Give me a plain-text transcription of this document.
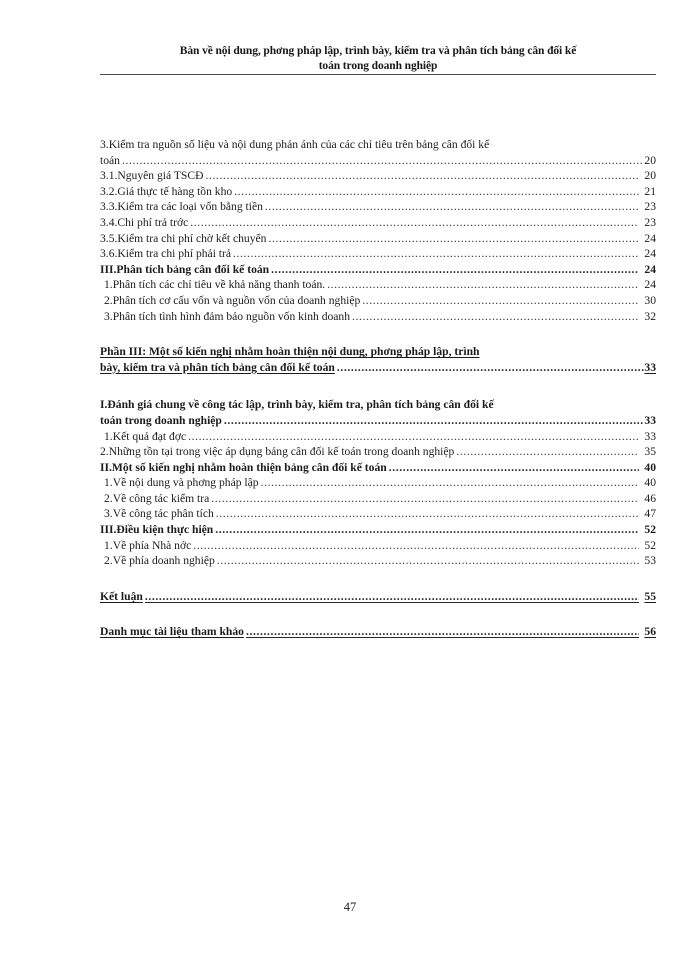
Bàn về nội dung, phơng pháp lập, trình bày, kiểm tra và phân tích bảng cân đối kế
toán trong doanh nghiệp
3.Kiểm tra nguồn số liệu và nội dung phản ánh của các chỉ tiêu trên bảng cân đối kế
toán .....	20
3.1.Nguyên giá TSCĐ .....	20
3.2.Giá thực tế hàng tồn kho .....	21
3.3.Kiểm tra các loại vốn bằng tiền .....	23
3.4.Chi phí trả trớc .....	23
3.5.Kiểm tra chi phí chờ kết chuyển .....	24
3.6.Kiểm tra chi phí phải trả .....	24
III.Phân tích bảng cân đối kế toán .....	24
1.Phân tích các chỉ tiêu về khả năng thanh toán. .....	24
2.Phân tích cơ cấu vốn và nguồn vốn của doanh nghiệp .....	30
3.Phân tích tình hình đảm bảo nguồn vốn kinh doanh .....	32
Phần III: Một số kiến nghị nhằm hoàn thiện nội dung, phơng pháp lập, trình
bày, kiểm tra và phân tích bảng cân đối kế toán .....	33
I.Đánh giá chung về công tác lập, trình bày, kiểm tra, phân tích bảng cân đối kế
toán trong doanh nghiệp .....	33
1.Kết quả đạt đợc .....	33
2.Những tồn tại trong việc áp dụng bảng cân đối kế toán trong doanh nghiệp .....	35
II.Một số kiến nghị nhằm hoàn thiện bảng cân đối kế toán .....	40
1.Về nội dung và phơng pháp lập .....	40
2.Về công tác kiểm tra .....	46
3.Về công tác phân tích .....	47
III.Điều kiện thực hiện .....	52
1.Về phía Nhà nớc .....	52
2.Về phía doanh nghiệp .....	53
Kết luận .....	55
Danh mục tài liệu tham khảo .....	56
47
